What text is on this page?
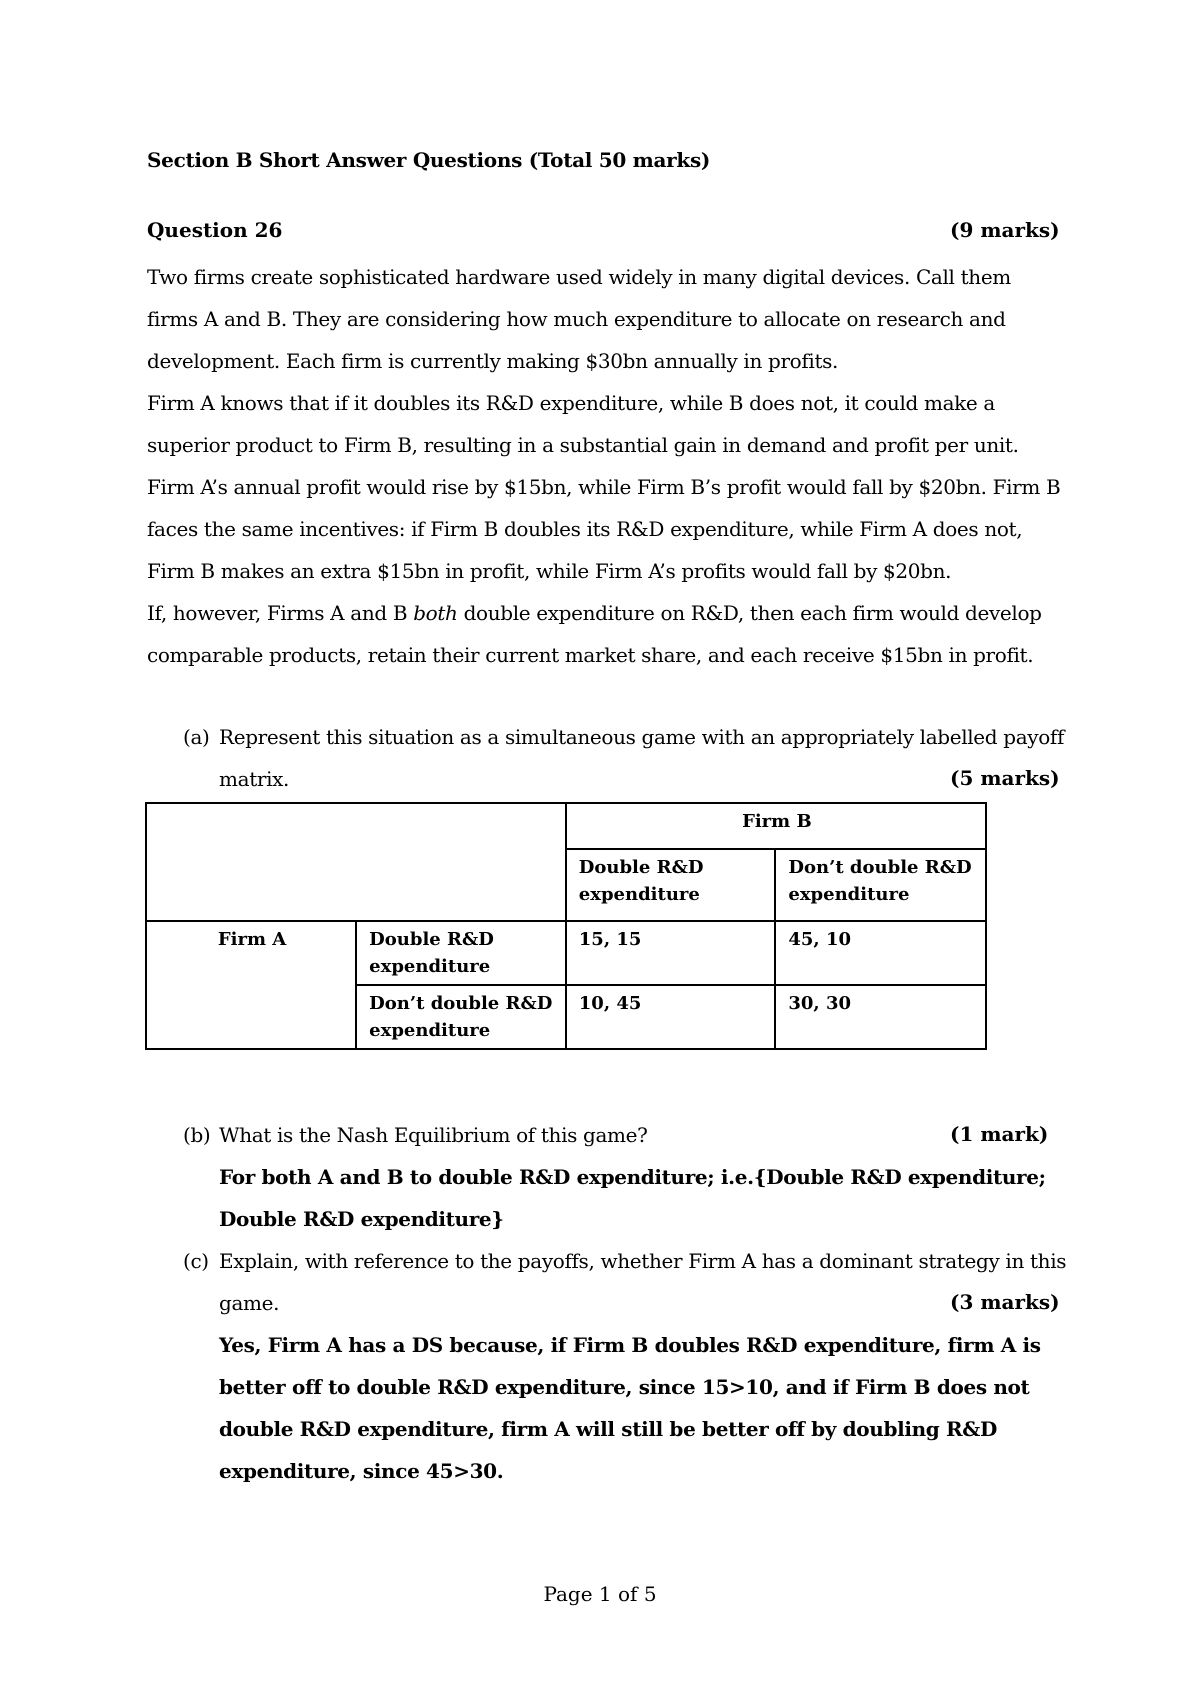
Section B Short Answer Questions (Total 50 marks)
Question 26	(9 marks)

Two firms create sophisticated hardware used widely in many digital devices. Call them firms A and B. They are considering how much expenditure to allocate on research and development. Each firm is currently making $30bn annually in profits.

Firm A knows that if it doubles its R&D expenditure, while B does not, it could make a superior product to Firm B, resulting in a substantial gain in demand and profit per unit. Firm A’s annual profit would rise by $15bn, while Firm B’s profit would fall by $20bn. Firm B faces the same incentives: if Firm B doubles its R&D expenditure, while Firm A does not, Firm B makes an extra $15bn in profit, while Firm A’s profits would fall by $20bn.

If, however, Firms A and B both double expenditure on R&D, then each firm would develop comparable products, retain their current market share, and each receive $15bn in profit.

(a) Represent this situation as a simultaneous game with an appropriately labelled payoff
matrix.	(5 marks)
		Firm B	
		Double R&D expenditure	Don’t double R&D expenditure
Firm A	Double R&D expenditure	15, 15	45, 10
	Don’t double R&D expenditure	10, 45	30, 30
(b) What is the Nash Equilibrium of this game?	(1 mark)
For both A and B to double R&D expenditure; i.e.{Double R&D expenditure;
Double R&D expenditure}
(c) Explain, with reference to the payoffs, whether Firm A has a dominant strategy in this
game.	(3 marks)
Yes, Firm A has a DS because, if Firm B doubles R&D expenditure, firm A is
better off to double R&D expenditure, since 15>10, and if Firm B does not
double R&D expenditure, firm A will still be better off by doubling R&D
expenditure, since 45>30.
Page 1 of 5
